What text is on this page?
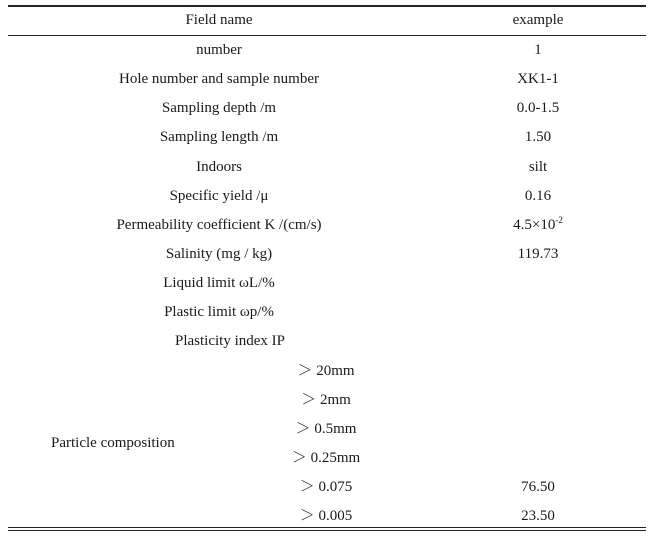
Field name	example
number	1
Hole number and sample number	XK1-1
Sampling depth /m	0.0-1.5
Sampling length /m	1.50
Indoors	silt
Specific yield /μ	0.16
Permeability coefficient K /(cm/s)	$4.5\times 10^{-2}$
Salinity (mg / kg)	119.73
Liquid limit ωL/%
Plastic limit ωp/%
Plasticity index IP
Particle composition
＞ 20mm
＞ 2mm
＞ 0.5mm
＞ 0.25mm
＞ 0.075	76.50
＞ 0.005	23.50
